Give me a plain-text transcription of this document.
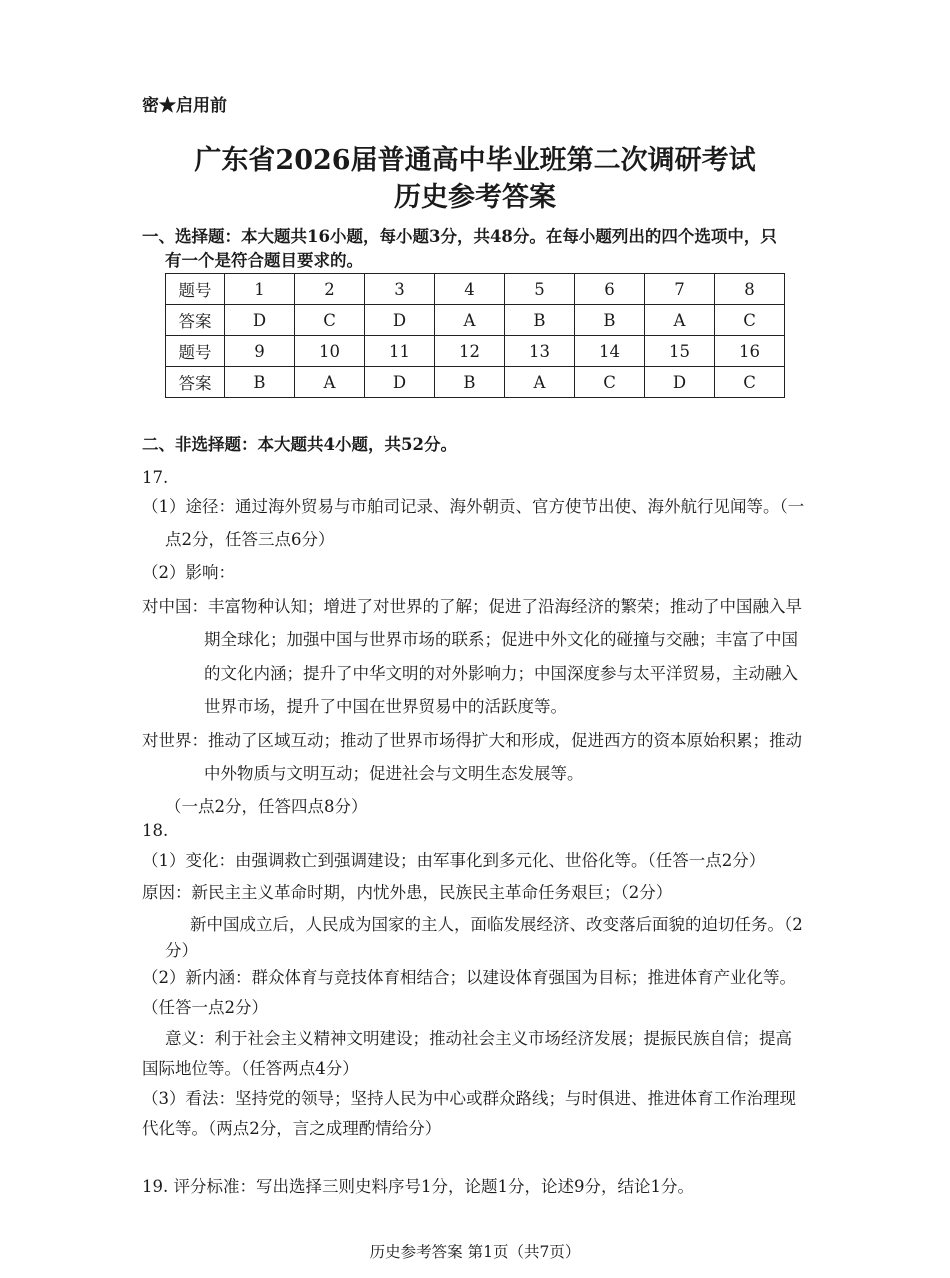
密★启用前
广东省2026届普通高中毕业班第二次调研考试
历史参考答案
一、选择题：本大题共16小题，每小题3分，共48分。在每小题列出的四个选项中，只
有一个是符合题目要求的。
题号	1	2	3	4	5	6	7	8
答案	D	C	D	A	B	B	A	C
题号	9	10	11	12	13	14	15	16
答案	B	A	D	B	A	C	D	C
二、非选择题：本大题共4小题，共52分。
17.
（1）途径：通过海外贸易与市舶司记录、海外朝贡、官方使节出使、海外航行见闻等。（一
点2分，任答三点6分）
（2）影响：
对中国：丰富物种认知；增进了对世界的了解；促进了沿海经济的繁荣；推动了中国融入早
期全球化；加强中国与世界市场的联系；促进中外文化的碰撞与交融；丰富了中国
的文化内涵；提升了中华文明的对外影响力；中国深度参与太平洋贸易，主动融入
世界市场，提升了中国在世界贸易中的活跃度等。
对世界：推动了区域互动；推动了世界市场得扩大和形成，促进西方的资本原始积累；推动
中外物质与文明互动；促进社会与文明生态发展等。
（一点2分，任答四点8分）
18.
（1）变化：由强调救亡到强调建设；由军事化到多元化、世俗化等。（任答一点2分）
原因：新民主主义革命时期，内忧外患，民族民主革命任务艰巨；（2分）
新中国成立后，人民成为国家的主人，面临发展经济、改变落后面貌的迫切任务。（2
分）
（2）新内涵：群众体育与竞技体育相结合；以建设体育强国为目标；推进体育产业化等。
（任答一点2分）
意义：利于社会主义精神文明建设；推动社会主义市场经济发展；提振民族自信；提高
国际地位等。（任答两点4分）
（3）看法：坚持党的领导；坚持人民为中心或群众路线；与时俱进、推进体育工作治理现
代化等。（两点2分，言之成理酌情给分）
19. 评分标准：写出选择三则史料序号1分，论题1分，论述9分，结论1分。
历史参考答案 第1页（共7页）
